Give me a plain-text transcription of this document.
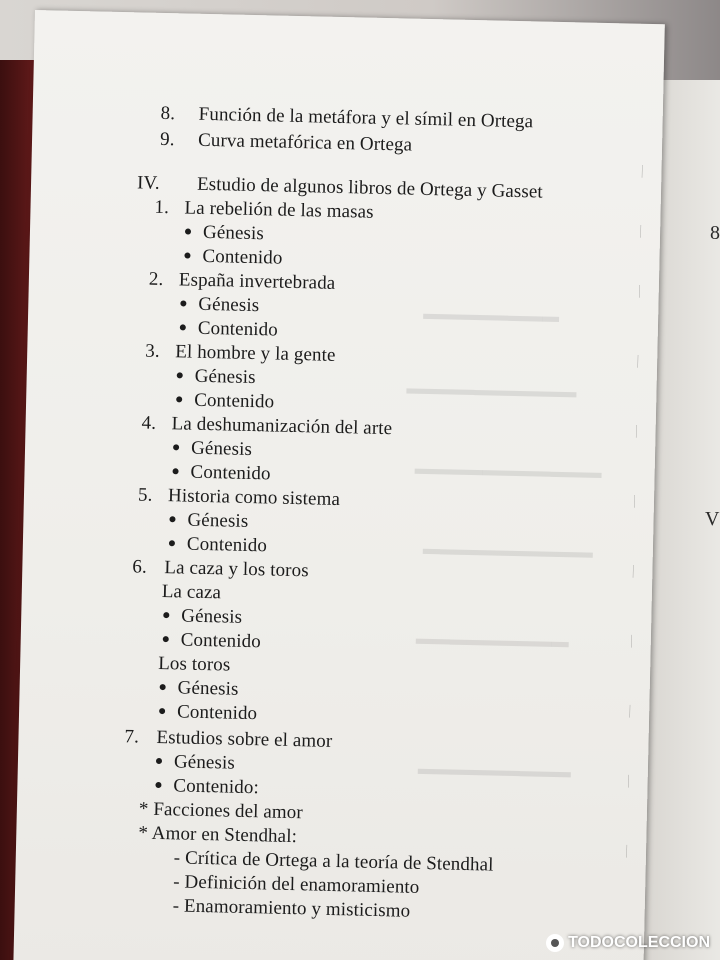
8
V
▬▬▬▬▬▬▬▬
▬▬▬▬▬▬▬▬▬▬
▬▬▬▬▬▬▬▬▬▬▬
▬▬▬▬▬▬▬▬▬▬
▬▬▬▬▬▬▬▬▬
▬▬▬▬▬▬▬▬▬
|
|
|
|
|
|
|
|
|
|
|
8. Función de la metáfora y el símil en Ortega
9. Curva metafórica en Ortega
IV. Estudio de algunos libros de Ortega y Gasset
1. La rebelión de las masas
Génesis
Contenido
2. España invertebrada
Génesis
Contenido
3. El hombre y la gente
Génesis
Contenido
4. La deshumanización del arte
Génesis
Contenido
5. Historia como sistema
Génesis
Contenido
6. La caza y los toros
La caza
Génesis
Contenido
Los toros
Génesis
Contenido
7. Estudios sobre el amor
Génesis
Contenido:
* Facciones del amor
* Amor en Stendhal:
- Crítica de Ortega a la teoría de Stendhal
- Definición del enamoramiento
- Enamoramiento y misticismo
TODOCOLECCION
